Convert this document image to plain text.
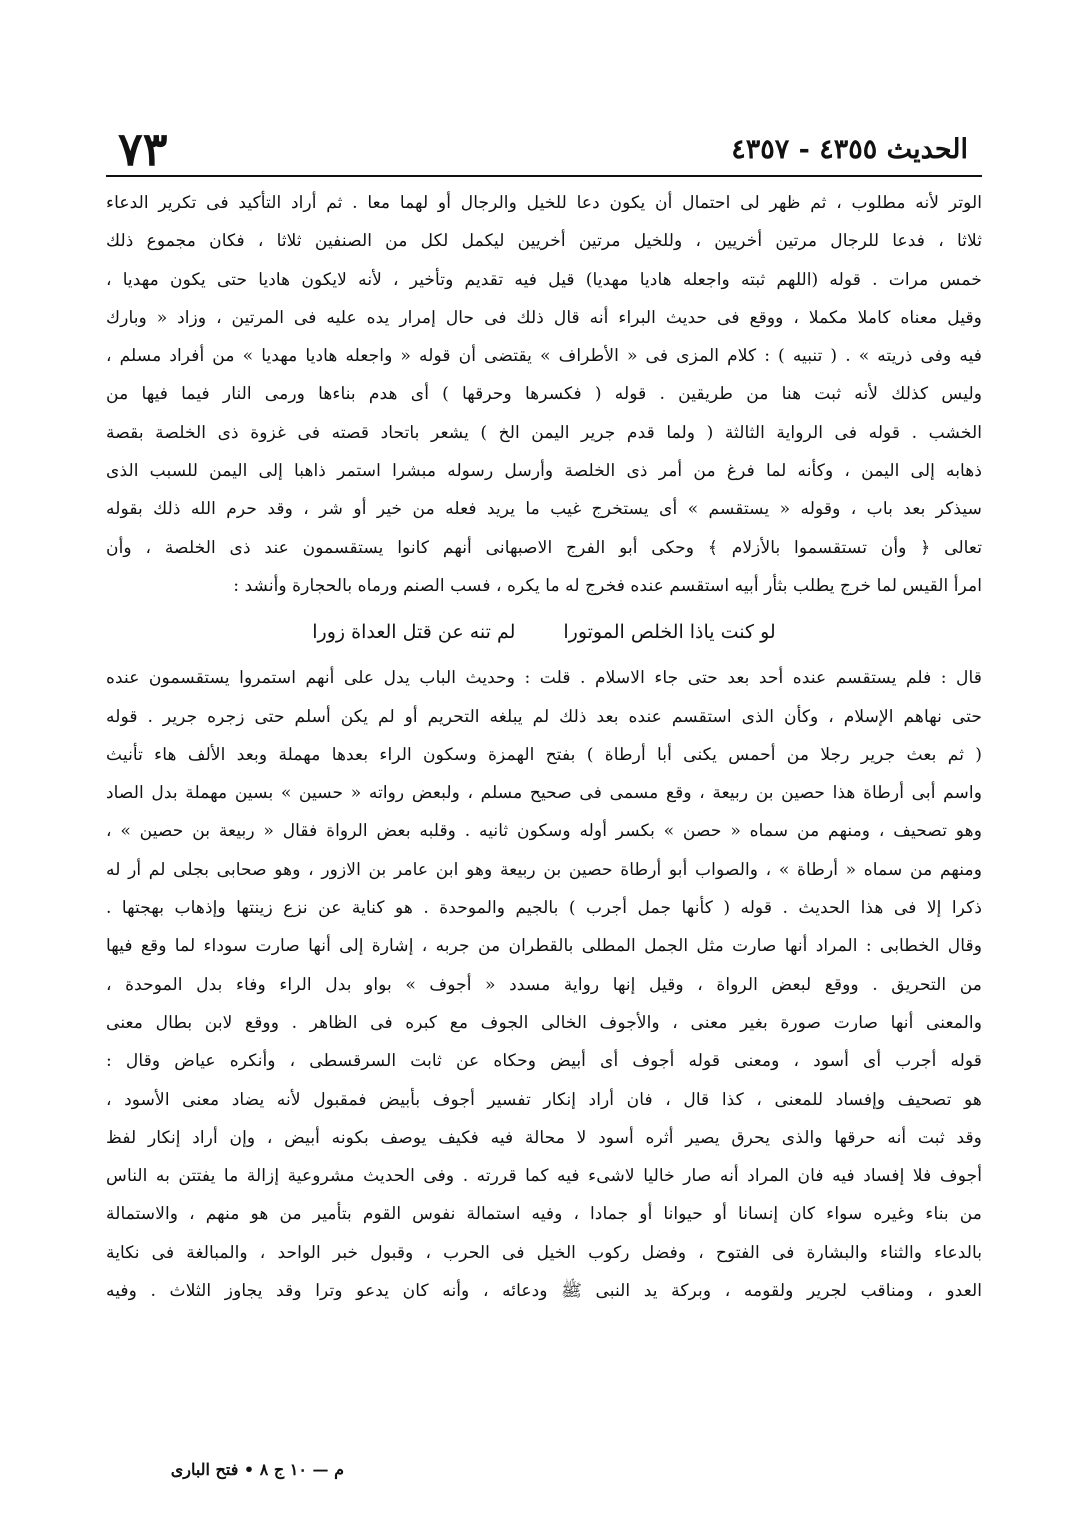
الحديث ٤٣٥٥ - ٤٣٥٧
٧٣
الوتر لأنه مطلوب ، ثم ظهر لى احتمال أن يكون دعا للخيل والرجال أو لهما معا . ثم أراد التأكيد فى تكرير الدعاء
ثلاثا ، فدعا للرجال مرتين أخريين ، وللخيل مرتين أخريين ليكمل لكل من الصنفين ثلاثا ، فكان مجموع ذلك
خمس مرات . قوله (اللهم ثبته واجعله هاديا مهديا) قيل فيه تقديم وتأخير ، لأنه لايكون هاديا حتى يكون مهديا ،
وقيل معناه كاملا مكملا ، ووقع فى حديث البراء أنه قال ذلك فى حال إمرار يده عليه فى المرتين ، وزاد « وبارك
فيه وفى ذريته » . ( تنبيه ) : كلام المزى فى « الأطراف » يقتضى أن قوله « واجعله هاديا مهديا » من أفراد مسلم ،
وليس كذلك لأنه ثبت هنا من طريقين . قوله ( فكسرها وحرقها ) أى هدم بناءها ورمى النار فيما فيها من
الخشب . قوله فى الرواية الثالثة ( ولما قدم جرير اليمن الخ ) يشعر باتحاد قصته فى غزوة ذى الخلصة بقصة
ذهابه إلى اليمن ، وكأنه لما فرغ من أمر ذى الخلصة وأرسل رسوله مبشرا استمر ذاهبا إلى اليمن للسبب الذى
سيذكر بعد باب ، وقوله « يستقسم » أى يستخرج غيب ما يريد فعله من خير أو شر ، وقد حرم الله ذلك بقوله
تعالى ﴿ وأن تستقسموا بالأزلام ﴾ وحكى أبو الفرج الاصبهانى أنهم كانوا يستقسمون عند ذى الخلصة ، وأن
امرأ القيس لما خرج يطلب بثأر أبيه استقسم عنده فخرج له ما يكره ، فسب الصنم ورماه بالحجارة وأنشد :
لو كنت ياذا الخلص الموتورا
لم تنه عن قتل العداة زورا
قال : فلم يستقسم عنده أحد بعد حتى جاء الاسلام . قلت : وحديث الباب يدل على أنهم استمروا يستقسمون عنده
حتى نهاهم الإسلام ، وكأن الذى استقسم عنده بعد ذلك لم يبلغه التحريم أو لم يكن أسلم حتى زجره جرير . قوله
( ثم بعث جرير رجلا من أحمس يكنى أبا أرطاة ) بفتح الهمزة وسكون الراء بعدها مهملة وبعد الألف هاء تأنيث
واسم أبى أرطاة هذا حصين بن ربيعة ، وقع مسمى فى صحيح مسلم ، ولبعض رواته « حسين » بسين مهملة بدل الصاد
وهو تصحيف ، ومنهم من سماه « حصن » بكسر أوله وسكون ثانيه . وقلبه بعض الرواة فقال « ربيعة بن حصين » ،
ومنهم من سماه « أرطاة » ، والصواب أبو أرطاة حصين بن ربيعة وهو ابن عامر بن الازور ، وهو صحابى بجلى لم أر له
ذكرا إلا فى هذا الحديث . قوله ( كأنها جمل أجرب ) بالجيم والموحدة . هو كناية عن نزع زينتها وإذهاب بهجتها .
وقال الخطابى : المراد أنها صارت مثل الجمل المطلى بالقطران من جربه ، إشارة إلى أنها صارت سوداء لما وقع فيها
من التحريق . ووقع لبعض الرواة ، وقيل إنها رواية مسدد « أجوف » بواو بدل الراء وفاء بدل الموحدة ،
والمعنى أنها صارت صورة بغير معنى ، والأجوف الخالى الجوف مع كبره فى الظاهر . ووقع لابن بطال معنى
قوله أجرب أى أسود ، ومعنى قوله أجوف أى أبيض وحكاه عن ثابت السرقسطى ، وأنكره عياض وقال :
هو تصحيف وإفساد للمعنى ، كذا قال ، فان أراد إنكار تفسير أجوف بأبيض فمقبول لأنه يضاد معنى الأسود ،
وقد ثبت أنه حرقها والذى يحرق يصير أثره أسود لا محالة فيه فكيف يوصف بكونه أبيض ، وإن أراد إنكار لفظ
أجوف فلا إفساد فيه فان المراد أنه صار خاليا لاشىء فيه كما قررته . وفى الحديث مشروعية إزالة ما يفتتن به الناس
من بناء وغيره سواء كان إنسانا أو حيوانا أو جمادا ، وفيه استمالة نفوس القوم بتأمير من هو منهم ، والاستمالة
بالدعاء والثناء والبشارة فى الفتوح ، وفضل ركوب الخيل فى الحرب ، وقبول خبر الواحد ، والمبالغة فى نكاية
العدو ، ومناقب لجرير ولقومه ، وبركة يد النبى ﷺ ودعائه ، وأنه كان يدعو وترا وقد يجاوز الثلاث . وفيه
م — ١٠ ج ٨ • فتح البارى
